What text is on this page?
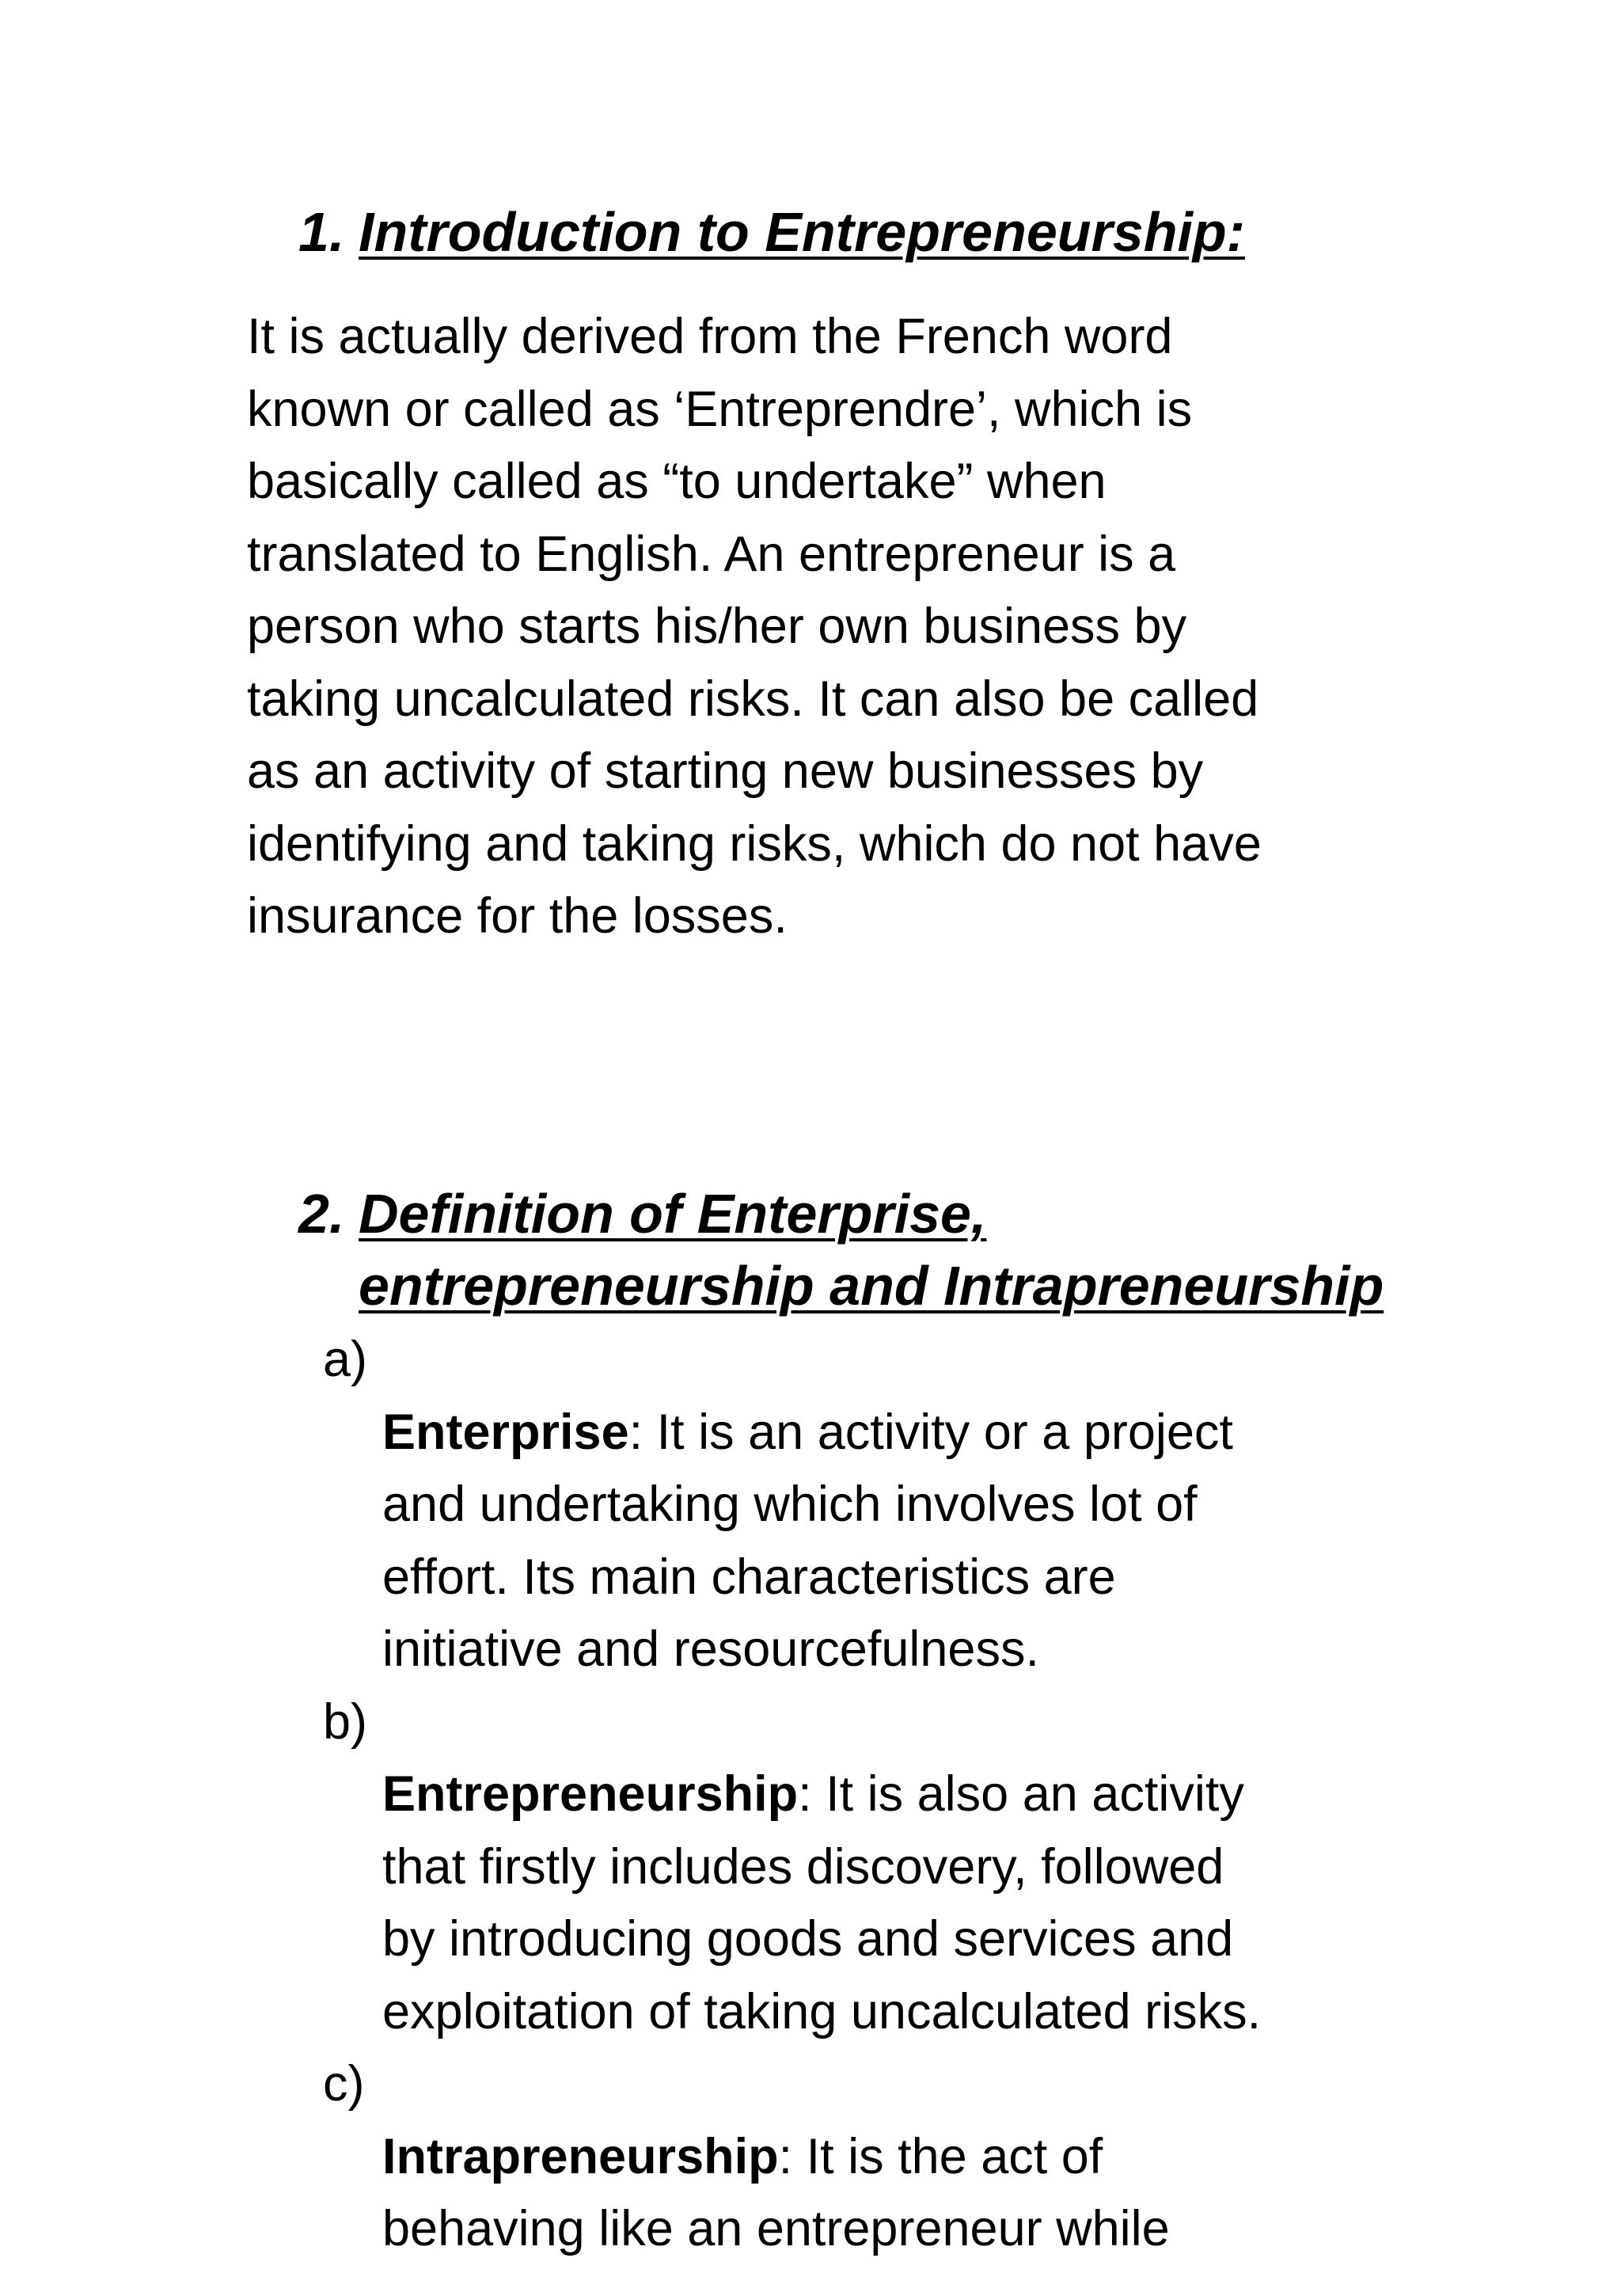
1. Introduction to Entrepreneurship:

It is actually derived from the French word
known or called as ‘Entreprendre’, which is
basically called as “to undertake” when
translated to English. An entrepreneur is a
person who starts his/her own business by
taking uncalculated risks. It can also be called
as an activity of starting new businesses by
identifying and taking risks, which do not have
insurance for the losses.

2. Definition of Enterprise, entrepreneurship and Intrapreneurship

a)
Enterprise: It is an activity or a project
and undertaking which involves lot of
effort. Its main characteristics are
initiative and resourcefulness.

b)
Entrepreneurship: It is also an activity
that firstly includes discovery, followed
by introducing goods and services and
exploitation of taking uncalculated risks.

c)
Intrapreneurship: It is the act of
behaving like an entrepreneur while
